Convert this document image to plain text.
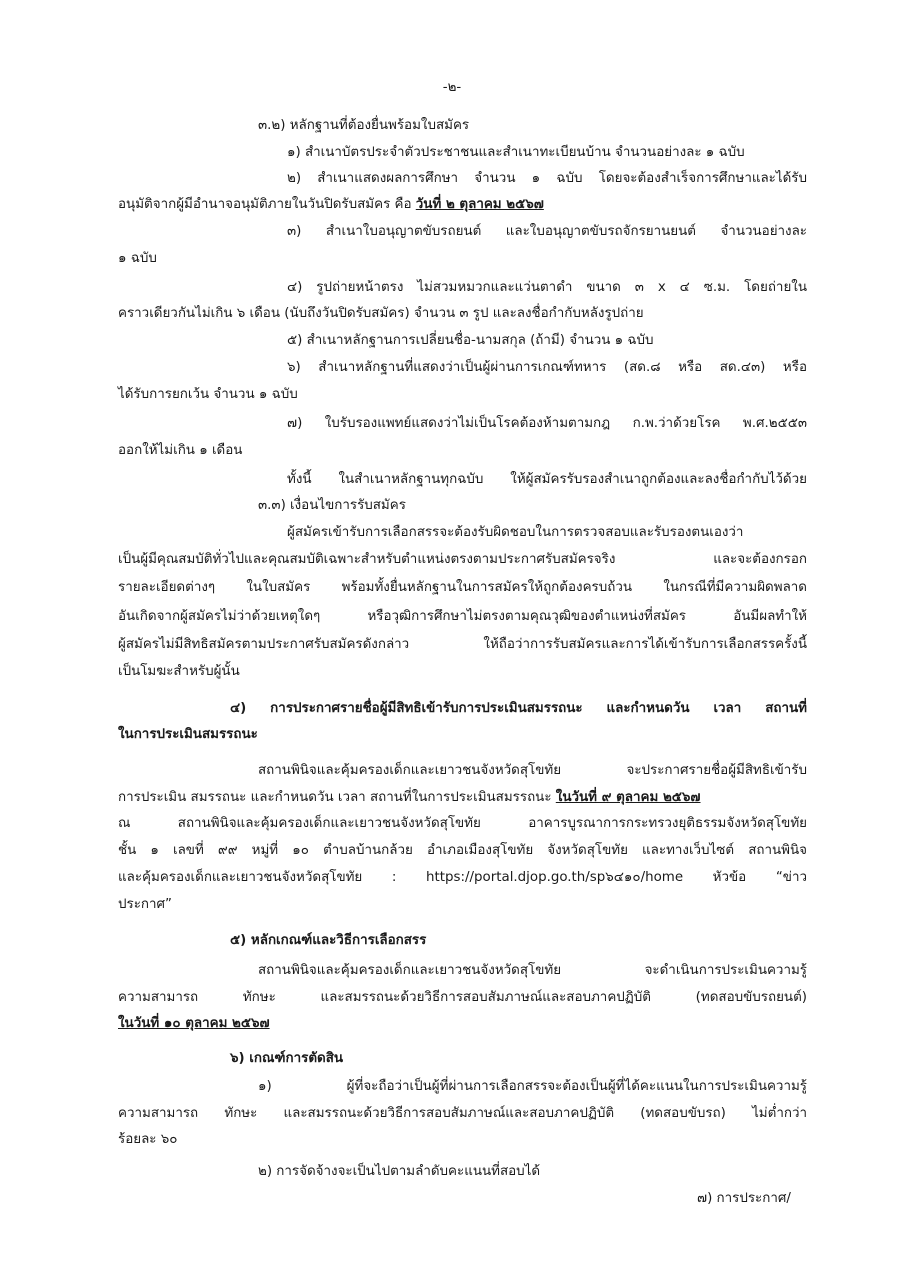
-๒-

๓.๒) หลักฐานที่ต้องยื่นพร้อมใบสมัคร

๑) สำเนาบัตรประจำตัวประชาชนและสำเนาทะเบียนบ้าน จำนวนอย่างละ ๑ ฉบับ

๒) สำเนาแสดงผลการศึกษา จำนวน ๑ ฉบับ โดยจะต้องสำเร็จการศึกษาและได้รับ

อนุมัติจากผู้มีอำนาจอนุมัติภายในวันปิดรับสมัคร คือ วันที่ ๒ ตุลาคม ๒๕๖๗

๓) สำเนาใบอนุญาตขับรถยนต์ และใบอนุญาตขับรถจักรยานยนต์ จำนวนอย่างละ

๑ ฉบับ

๔) รูปถ่ายหน้าตรง ไม่สวมหมวกและแว่นตาดำ ขนาด ๓ x ๔ ซ.ม. โดยถ่ายใน

คราวเดียวกันไม่เกิน ๖ เดือน (นับถึงวันปิดรับสมัคร) จำนวน ๓ รูป และลงชื่อกำกับหลังรูปถ่าย

๕) สำเนาหลักฐานการเปลี่ยนชื่อ-นามสกุล (ถ้ามี) จำนวน ๑ ฉบับ

๖) สำเนาหลักฐานที่แสดงว่าเป็นผู้ผ่านการเกณฑ์ทหาร (สด.๘ หรือ สด.๔๓) หรือ

ได้รับการยกเว้น จำนวน ๑ ฉบับ

๗) ใบรับรองแพทย์แสดงว่าไม่เป็นโรคต้องห้ามตามกฎ ก.พ.ว่าด้วยโรค พ.ศ.๒๕๕๓

ออกให้ไม่เกิน ๑ เดือน

ทั้งนี้ ในสำเนาหลักฐานทุกฉบับ ให้ผู้สมัครรับรองสำเนาถูกต้องและลงชื่อกำกับไว้ด้วย

๓.๓) เงื่อนไขการรับสมัคร

ผู้สมัครเข้ารับการเลือกสรรจะต้องรับผิดชอบในการตรวจสอบและรับรองตนเองว่า

เป็นผู้มีคุณสมบัติทั่วไปและคุณสมบัติเฉพาะสำหรับตำแหน่งตรงตามประกาศรับสมัครจริง และจะต้องกรอก

รายละเอียดต่างๆ ในใบสมัคร พร้อมทั้งยื่นหลักฐานในการสมัครให้ถูกต้องครบถ้วน ในกรณีที่มีความผิดพลาด

อันเกิดจากผู้สมัครไม่ว่าด้วยเหตุใดๆ หรือวุฒิการศึกษาไม่ตรงตามคุณวุฒิของตำแหน่งที่สมัคร อันมีผลทำให้

ผู้สมัครไม่มีสิทธิสมัครตามประกาศรับสมัครดังกล่าว ให้ถือว่าการรับสมัครและการได้เข้ารับการเลือกสรรครั้งนี้

เป็นโมฆะสำหรับผู้นั้น

๔) การประกาศรายชื่อผู้มีสิทธิเข้ารับการประเมินสมรรถนะ และกำหนดวัน เวลา สถานที่

ในการประเมินสมรรถนะ

สถานพินิจและคุ้มครองเด็กและเยาวชนจังหวัดสุโขทัย จะประกาศรายชื่อผู้มีสิทธิเข้ารับ

การประเมิน สมรรถนะ และกำหนดวัน เวลา สถานที่ในการประเมินสมรรถนะ ในวันที่ ๙ ตุลาคม ๒๕๖๗

ณ สถานพินิจและคุ้มครองเด็กและเยาวชนจังหวัดสุโขทัย อาคารบูรณาการกระทรวงยุติธรรมจังหวัดสุโขทัย

ชั้น ๑ เลขที่ ๙๙ หมู่ที่ ๑๐ ตำบลบ้านกล้วย อำเภอเมืองสุโขทัย จังหวัดสุโขทัย และทางเว็บไซต์ สถานพินิจ

และคุ้มครองเด็กและเยาวชนจังหวัดสุโขทัย : https://portal.djop.go.th/sp๖๔๑๐/home หัวข้อ “ข่าว

ประกาศ”

๕) หลักเกณฑ์และวิธีการเลือกสรร

สถานพินิจและคุ้มครองเด็กและเยาวชนจังหวัดสุโขทัย จะดำเนินการประเมินความรู้

ความสามารถ ทักษะ และสมรรถนะด้วยวิธีการสอบสัมภาษณ์และสอบภาคปฏิบัติ (ทดสอบขับรถยนต์)

ในวันที่ ๑๐ ตุลาคม ๒๕๖๗

๖) เกณฑ์การตัดสิน

๑) ผู้ที่จะถือว่าเป็นผู้ที่ผ่านการเลือกสรรจะต้องเป็นผู้ที่ได้คะแนนในการประเมินความรู้

ความสามารถ ทักษะ และสมรรถนะด้วยวิธีการสอบสัมภาษณ์และสอบภาคปฏิบัติ (ทดสอบขับรถ) ไม่ต่ำกว่า

ร้อยละ ๖๐

๒) การจัดจ้างจะเป็นไปตามลำดับคะแนนที่สอบได้

๗) การประกาศ/
